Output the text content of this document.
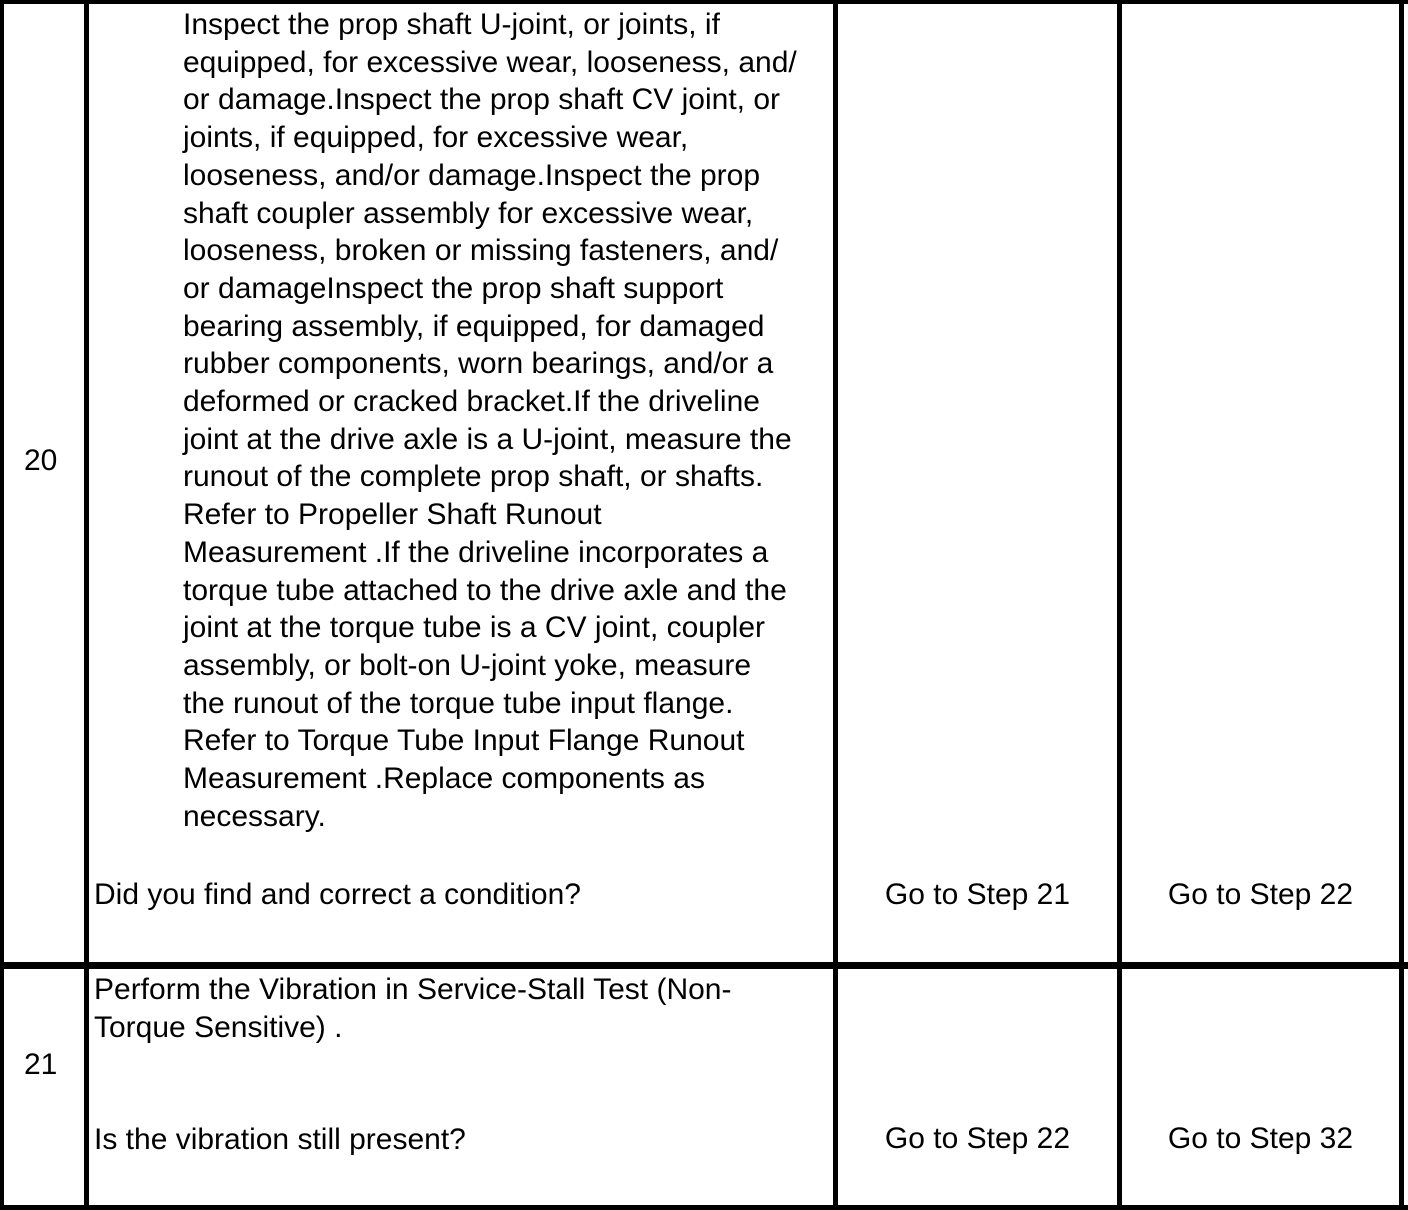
20
Inspect the prop shaft U-joint, or joints, if
equipped, for excessive wear, looseness, and/
or damage.Inspect the prop shaft CV joint, or
joints, if equipped, for excessive wear,
looseness, and/or damage.Inspect the prop
shaft coupler assembly for excessive wear,
looseness, broken or missing fasteners, and/
or damageInspect the prop shaft support
bearing assembly, if equipped, for damaged
rubber components, worn bearings, and/or a
deformed or cracked bracket.If the driveline
joint at the drive axle is a U-joint, measure the
runout of the complete prop shaft, or shafts.
Refer to Propeller Shaft Runout
Measurement .If the driveline incorporates a
torque tube attached to the drive axle and the
joint at the torque tube is a CV joint, coupler
assembly, or bolt-on U-joint yoke, measure
the runout of the torque tube input flange.
Refer to Torque Tube Input Flange Runout
Measurement .Replace components as
necessary.
Did you find and correct a condition?	Go to Step 21	Go to Step 22
21
Perform the Vibration in Service-Stall Test (Non-
Torque Sensitive) .
Is the vibration still present?	Go to Step 22	Go to Step 32
